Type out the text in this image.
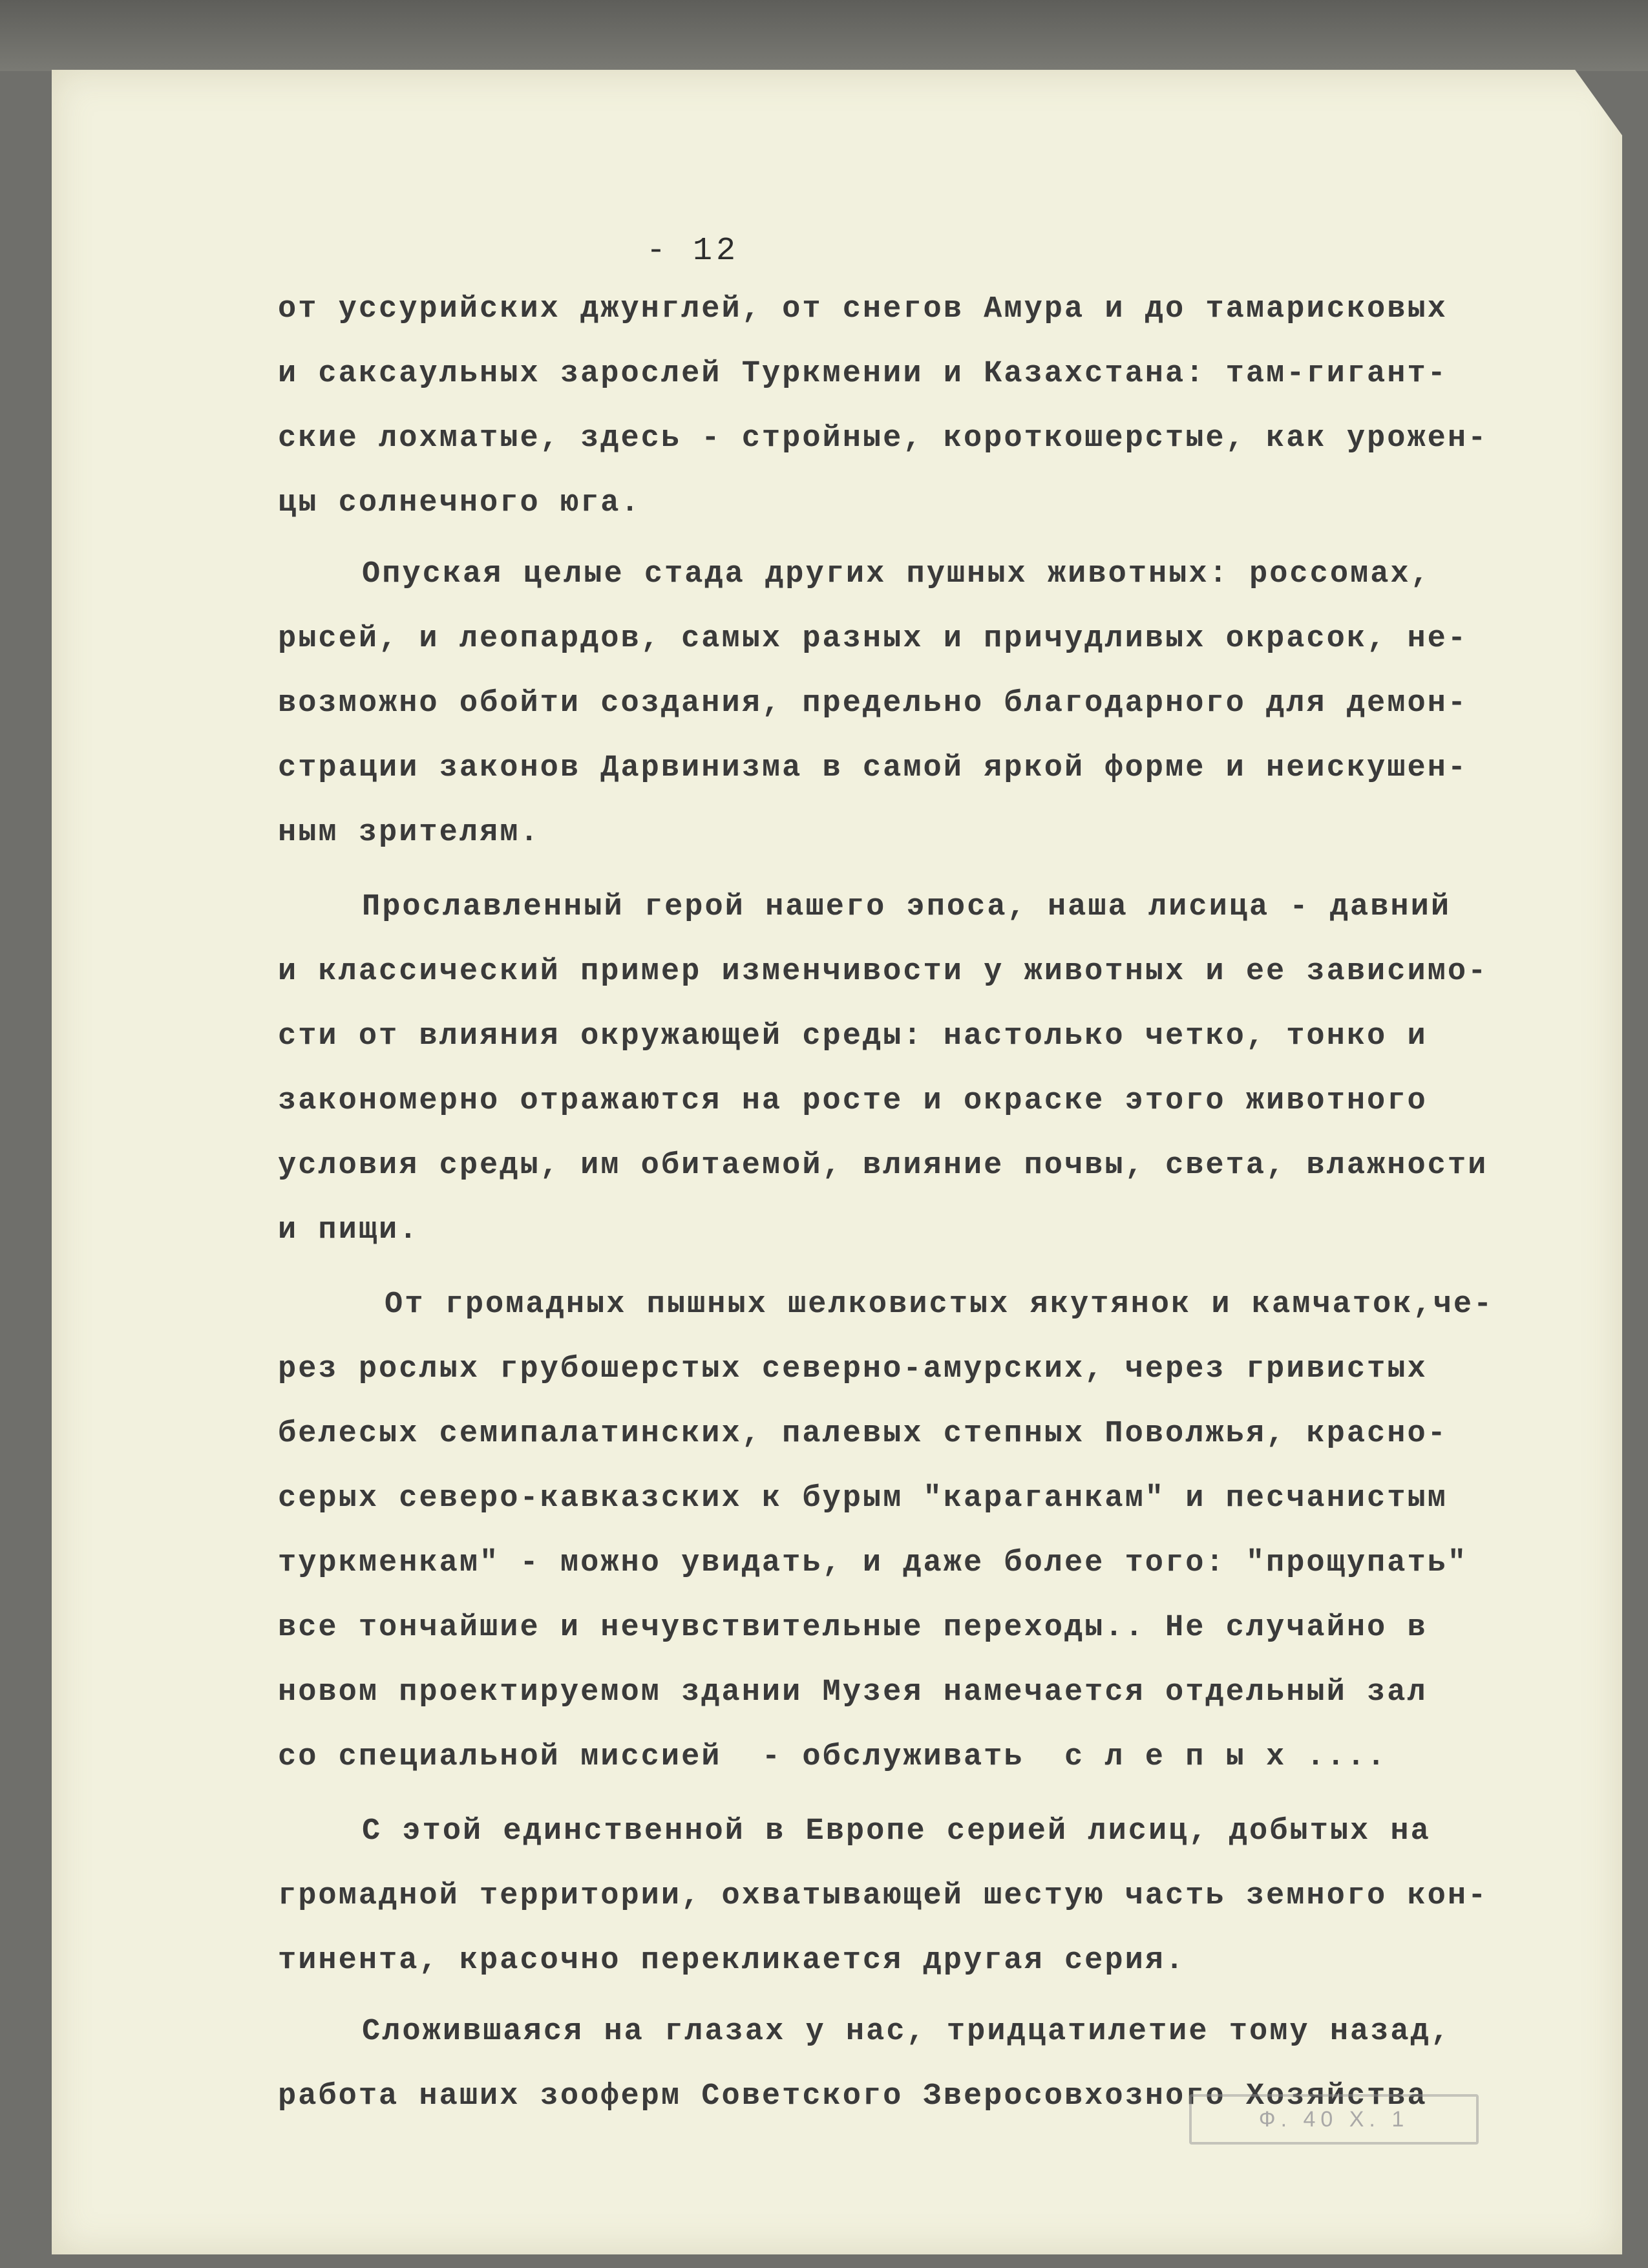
- 12
от уссурийских джунглей, от снегов Амура и до тамарисковых
и саксаульных зарослей Туркмении и Казахстана: там-гигант-
ские лохматые, здесь - стройные, короткошерстые, как урожен-
цы солнечного юга.
Опуская целые стада других пушных животных: россомах,
рысей, и леопардов, самых разных и причудливых окрасок, не-
возможно обойти создания, предельно благодарного для демон-
страции законов Дарвинизма в самой яркой форме и неискушен-
ным зрителям.
Прославленный герой нашего эпоса, наша лисица - давний
и классический пример изменчивости у животных и ее зависимо-
сти от влияния окружающей среды: настолько четко, тонко и
закономерно отражаются на росте и окраске этого животного
условия среды, им обитаемой, влияние почвы, света, влажности
и пищи.
От громадных пышных шелковистых якутянок и камчаток,че-
рез рослых грубошерстых северно-амурских, через гривистых
белесых семипалатинских, палевых степных Поволжья, красно-
серых северо-кавказских к бурым "караганкам" и песчанистым
туркменкам" - можно увидать, и даже более того: "прощупать"
все тончайшие и нечувствительные переходы.. Не случайно в
новом проектируемом здании Музея намечается отдельный зал
со специальной миссией  - обслуживать  с л е п ы х ....
С этой единственной в Европе серией лисиц, добытых на
громадной территории, охватывающей шестую часть земного кон-
тинента, красочно перекликается другая серия.
Сложившаяся на глазах у нас, тридцатилетие тому назад,
работа наших зооферм Советского Зверосовхозного Хозяйства
Ф. 40 Х. 1
